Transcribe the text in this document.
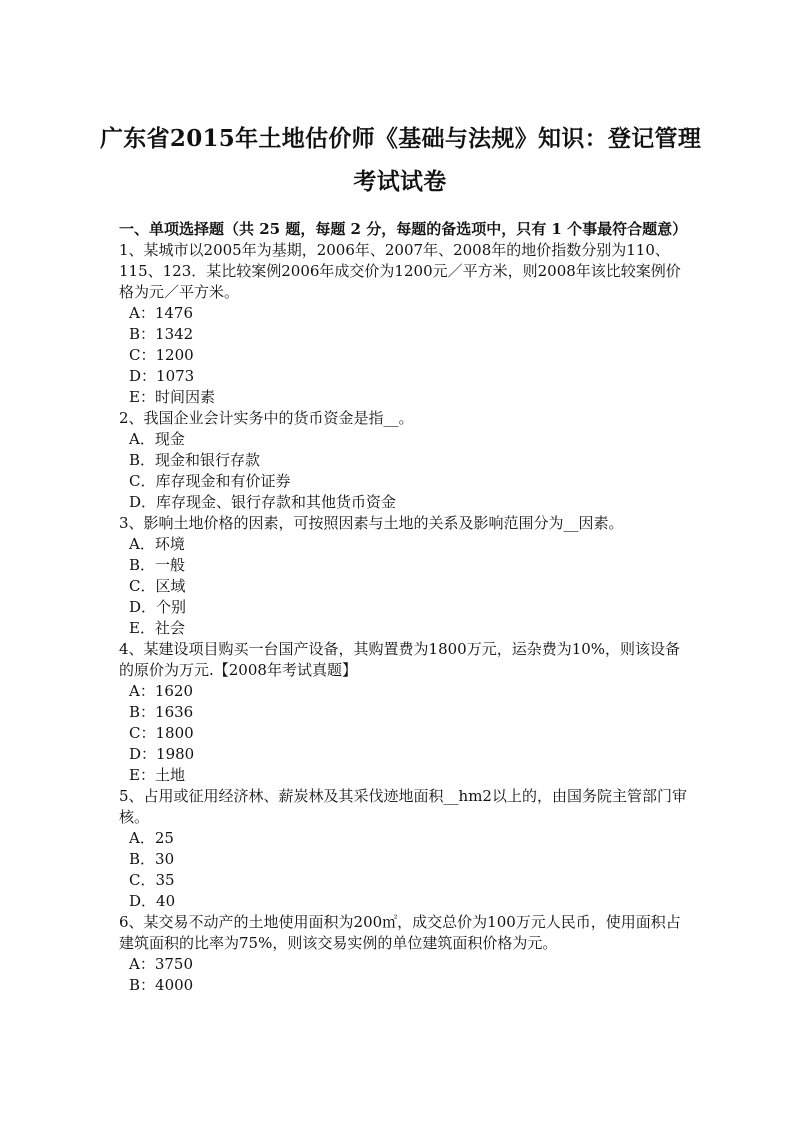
广东省2015年土地估价师《基础与法规》知识：登记管理
考试试卷
一、单项选择题（共 25 题，每题 2 分，每题的备选项中，只有 1 个事最符合题意）
1、某城市以2005年为基期，2006年、2007年、2008年的地价指数分别为110、115、123．某比较案例2006年成交价为1200元／平方米，则2008年该比较案例价格为元／平方米。
A：1476
B：1342
C：1200
D：1073
E：时间因素
2、我国企业会计实务中的货币资金是指__。
A．现金
B．现金和银行存款
C．库存现金和有价证券
D．库存现金、银行存款和其他货币资金
3、影响土地价格的因素，可按照因素与土地的关系及影响范围分为__因素。
A．环境
B．一般
C．区域
D．个别
E．社会
4、某建设项目购买一台国产设备，其购置费为1800万元，运杂费为10%，则该设备的原价为万元.【2008年考试真题】
A：1620
B：1636
C：1800
D：1980
E：土地
5、占用或征用经济林、薪炭林及其采伐迹地面积__hm2以上的，由国务院主管部门审核。
A．25
B．30
C．35
D．40
6、某交易不动产的土地使用面积为200㎡，成交总价为100万元人民币，使用面积占建筑面积的比率为75%，则该交易实例的单位建筑面积价格为元。
A：3750
B：4000
